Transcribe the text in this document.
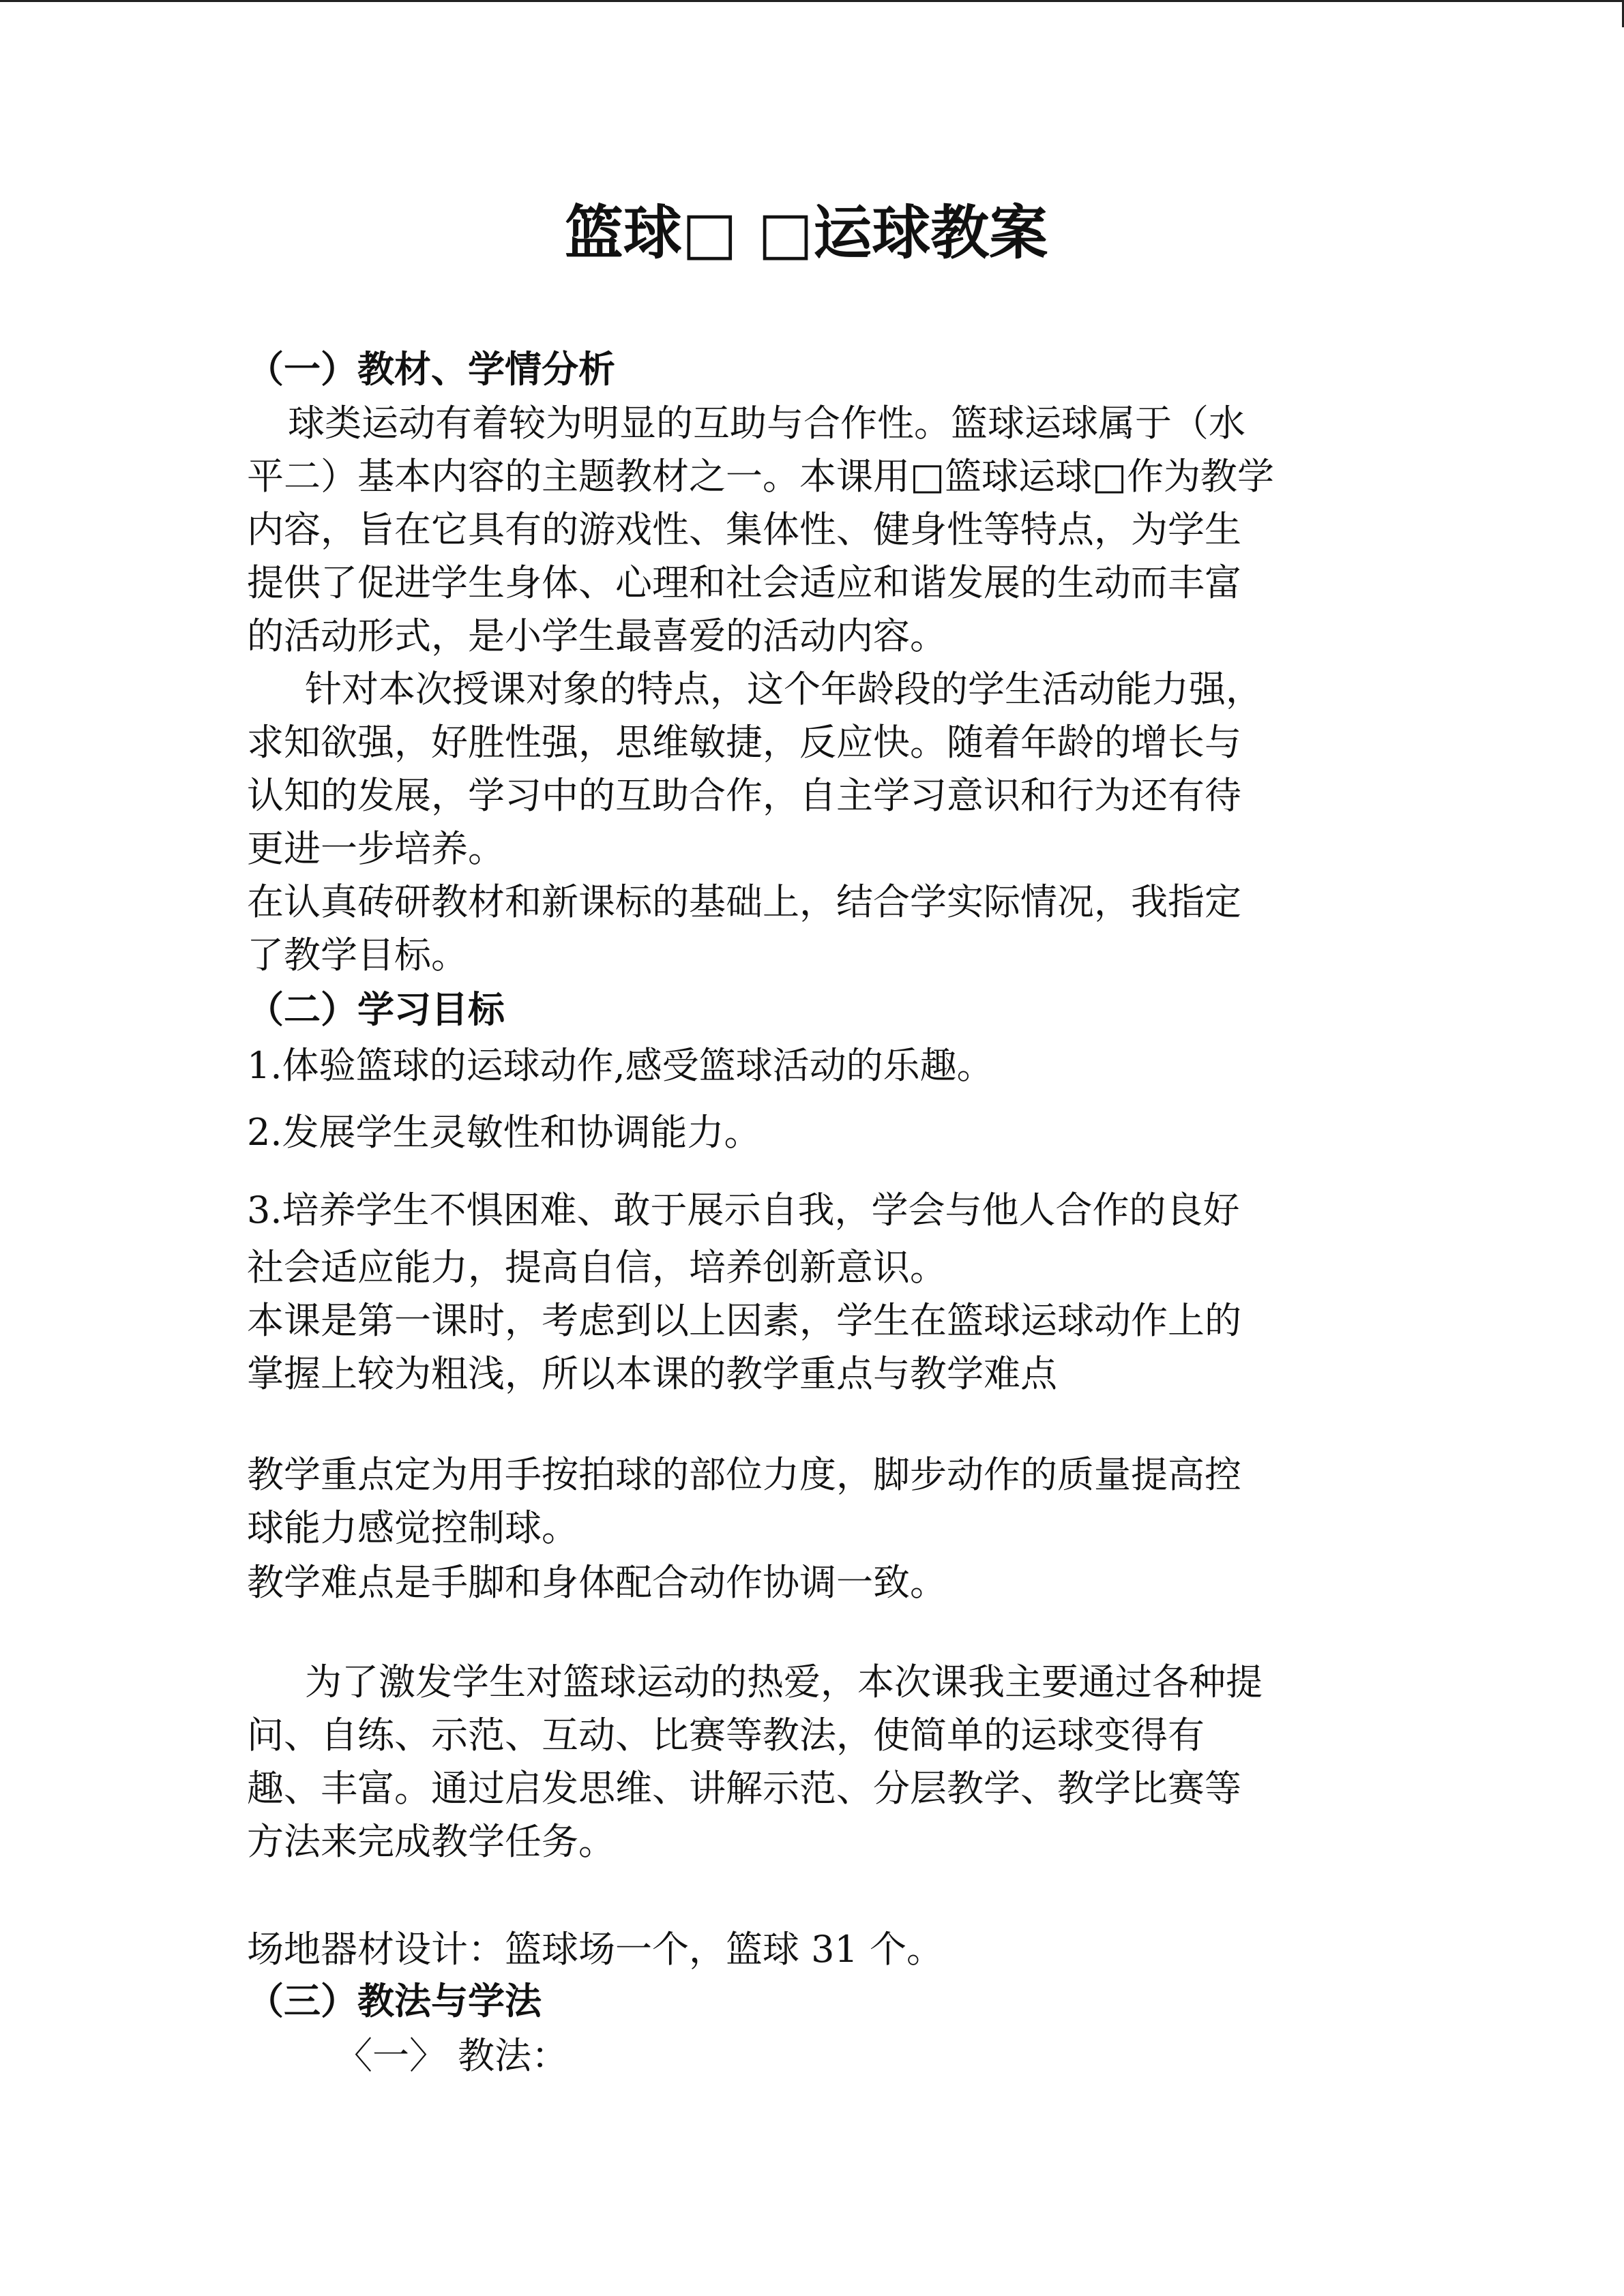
篮球□ □运球教案
（一）教材、学情分析
球类运动有着较为明显的互助与合作性。篮球运球属于（水
平二）基本内容的主题教材之一。本课用□篮球运球□作为教学
内容，旨在它具有的游戏性、集体性、健身性等特点，为学生
提供了促进学生身体、心理和社会适应和谐发展的生动而丰富
的活动形式，是小学生最喜爱的活动内容。
针对本次授课对象的特点，这个年龄段的学生活动能力强，
求知欲强，好胜性强，思维敏捷，反应快。随着年龄的增长与
认知的发展，学习中的互助合作，自主学习意识和行为还有待
更进一步培养。
在认真砖研教材和新课标的基础上，结合学实际情况，我指定
了教学目标。
（二）学习目标
1.体验篮球的运球动作,感受篮球活动的乐趣。
2.发展学生灵敏性和协调能力。
3.培养学生不惧困难、敢于展示自我，学会与他人合作的良好
社会适应能力，提高自信，培养创新意识。
本课是第一课时，考虑到以上因素，学生在篮球运球动作上的
掌握上较为粗浅，所以本课的教学重点与教学难点
教学重点定为用手按拍球的部位力度，脚步动作的质量提高控
球能力感觉控制球。
教学难点是手脚和身体配合动作协调一致。
为了激发学生对篮球运动的热爱，本次课我主要通过各种提
问、自练、示范、互动、比赛等教法，使简单的运球变得有
趣、丰富。通过启发思维、讲解示范、分层教学、教学比赛等
方法来完成教学任务。
场地器材设计：篮球场一个，篮球 31 个。
（三）教法与学法
〈一〉 教法：
